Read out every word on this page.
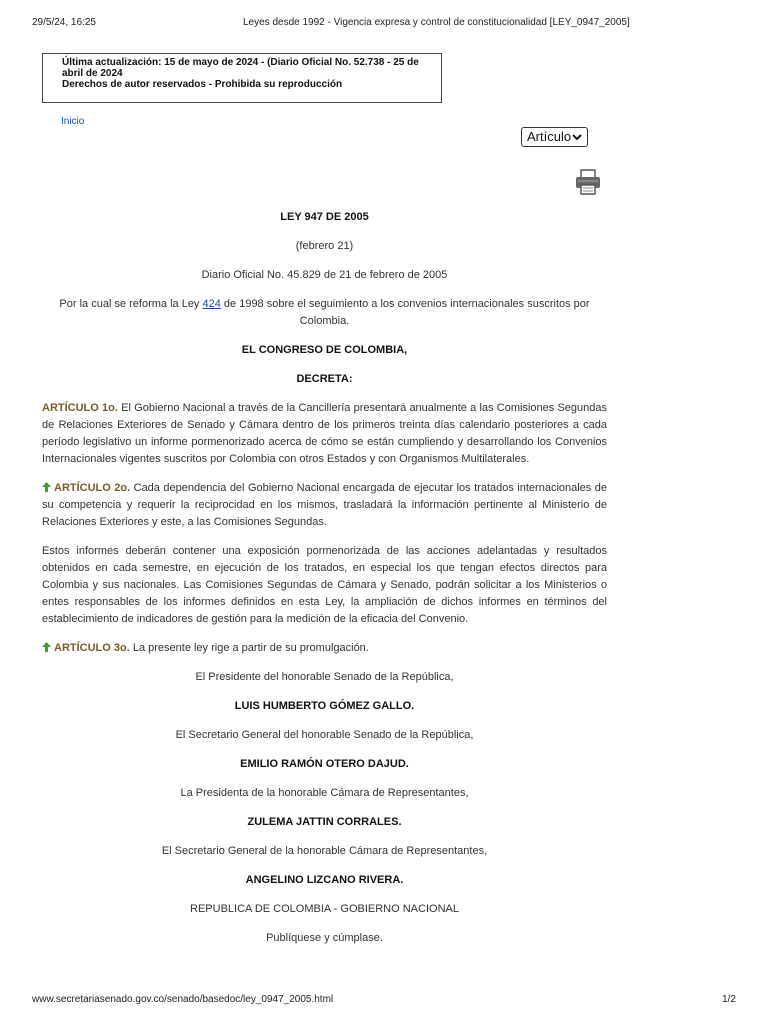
29/5/24, 16:25	Leyes desde 1992 - Vigencia expresa y control de constitucionalidad [LEY_0947_2005]
Última actualización: 15 de mayo de 2024 - (Diario Oficial No. 52.738 - 25 de abril de 2024
Derechos de autor reservados - Prohibida su reproducción
Inicio
Artículo

LEY 947 DE 2005

(febrero 21)

Diario Oficial No. 45.829 de 21 de febrero de 2005

Por la cual se reforma la Ley 424 de 1998 sobre el seguimiento a los convenios internacionales suscritos por Colombia.

EL CONGRESO DE COLOMBIA,

DECRETA:

ARTÍCULO 1o. El Gobierno Nacional a través de la Cancillería presentará anualmente a las Comisiones Segundas de Relaciones Exteriores de Senado y Cámara dentro de los primeros treinta días calendario posteriores a cada período legislativo un informe pormenorizado acerca de cómo se están cumpliendo y desarrollando los Convenios Internacionales vigentes suscritos por Colombia con otros Estados y con Organismos Multilaterales.

ARTÍCULO 2o. Cada dependencia del Gobierno Nacional encargada de ejecutar los tratados internacionales de su competencia y requerir la reciprocidad en los mismos, trasladará la información pertinente al Ministerio de Relaciones Exteriores y este, a las Comisiones Segundas.

Estos informes deberán contener una exposición pormenorizada de las acciones adelantadas y resultados obtenidos en cada semestre, en ejecución de los tratados, en especial los que tengan efectos directos para Colombia y sus nacionales. Las Comisiones Segundas de Cámara y Senado, podrán solicitar a los Ministerios o entes responsables de los informes definidos en esta Ley, la ampliación de dichos informes en términos del establecimiento de indicadores de gestión para la medición de la eficacia del Convenio.

ARTÍCULO 3o. La presente ley rige a partir de su promulgación.

El Presidente del honorable Senado de la República,

LUIS HUMBERTO GÓMEZ GALLO.

El Secretario General del honorable Senado de la República,

EMILIO RAMÓN OTERO DAJUD.

La Presidenta de la honorable Cámara de Representantes,

ZULEMA JATTIN CORRALES.

El Secretario General de la honorable Cámara de Representantes,

ANGELINO LIZCANO RIVERA.

REPUBLICA DE COLOMBIA - GOBIERNO NACIONAL

Publíquese y cúmplase.

www.secretariasenado.gov.co/senado/basedoc/ley_0947_2005.html	1/2
